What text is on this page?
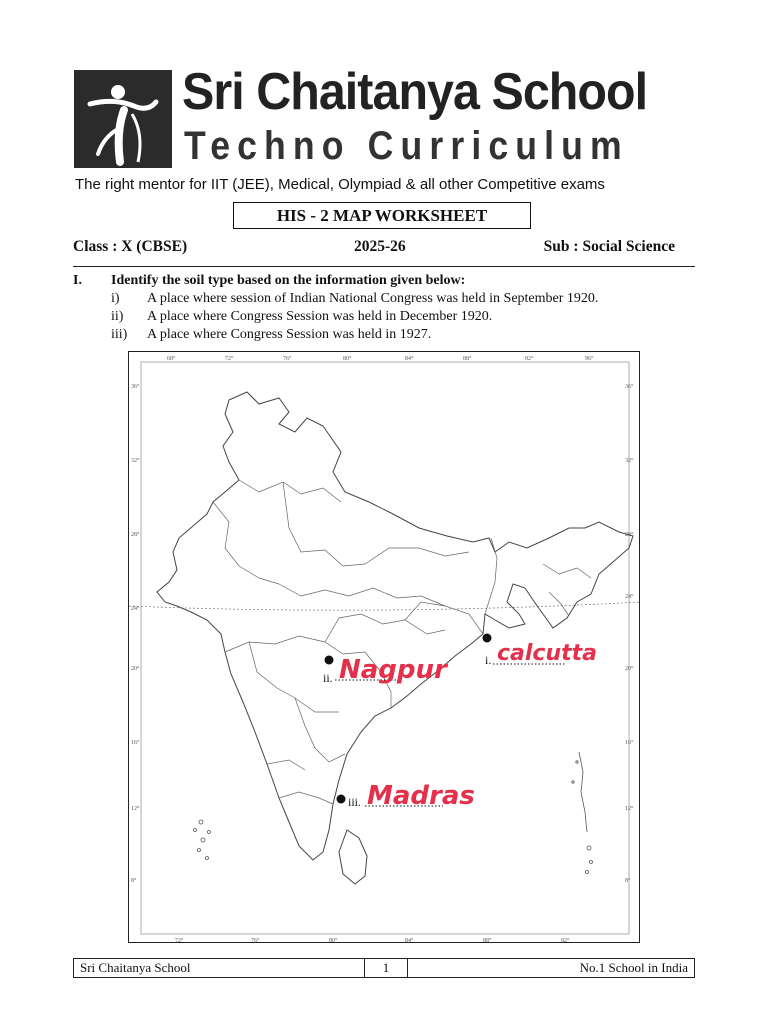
Sri Chaitanya School
Techno Curriculum
The right mentor for IIT (JEE), Medical, Olympiad & all other Competitive exams
HIS - 2 MAP WORKSHEET
Class : X (CBSE)	2025-26	Sub : Social Science
I. Identify the soil type based on the information given below:
i) A place where session of Indian National Congress was held in September 1920.
ii) A place where Congress Session was held in December 1920.
iii) A place where Congress Session was held in 1927.
68°	72°	76°	80°	84°	88°	92°	96°
72°	76°	80°	84°	88°	92°
36°
32°
28°
24°
20°
16°
12°
8°
36°
32°
28°
24°
20°
16°
12°
8°
i. calcutta
ii. Nagpur
iii. Madras
Sri Chaitanya School	1	No.1 School in India
